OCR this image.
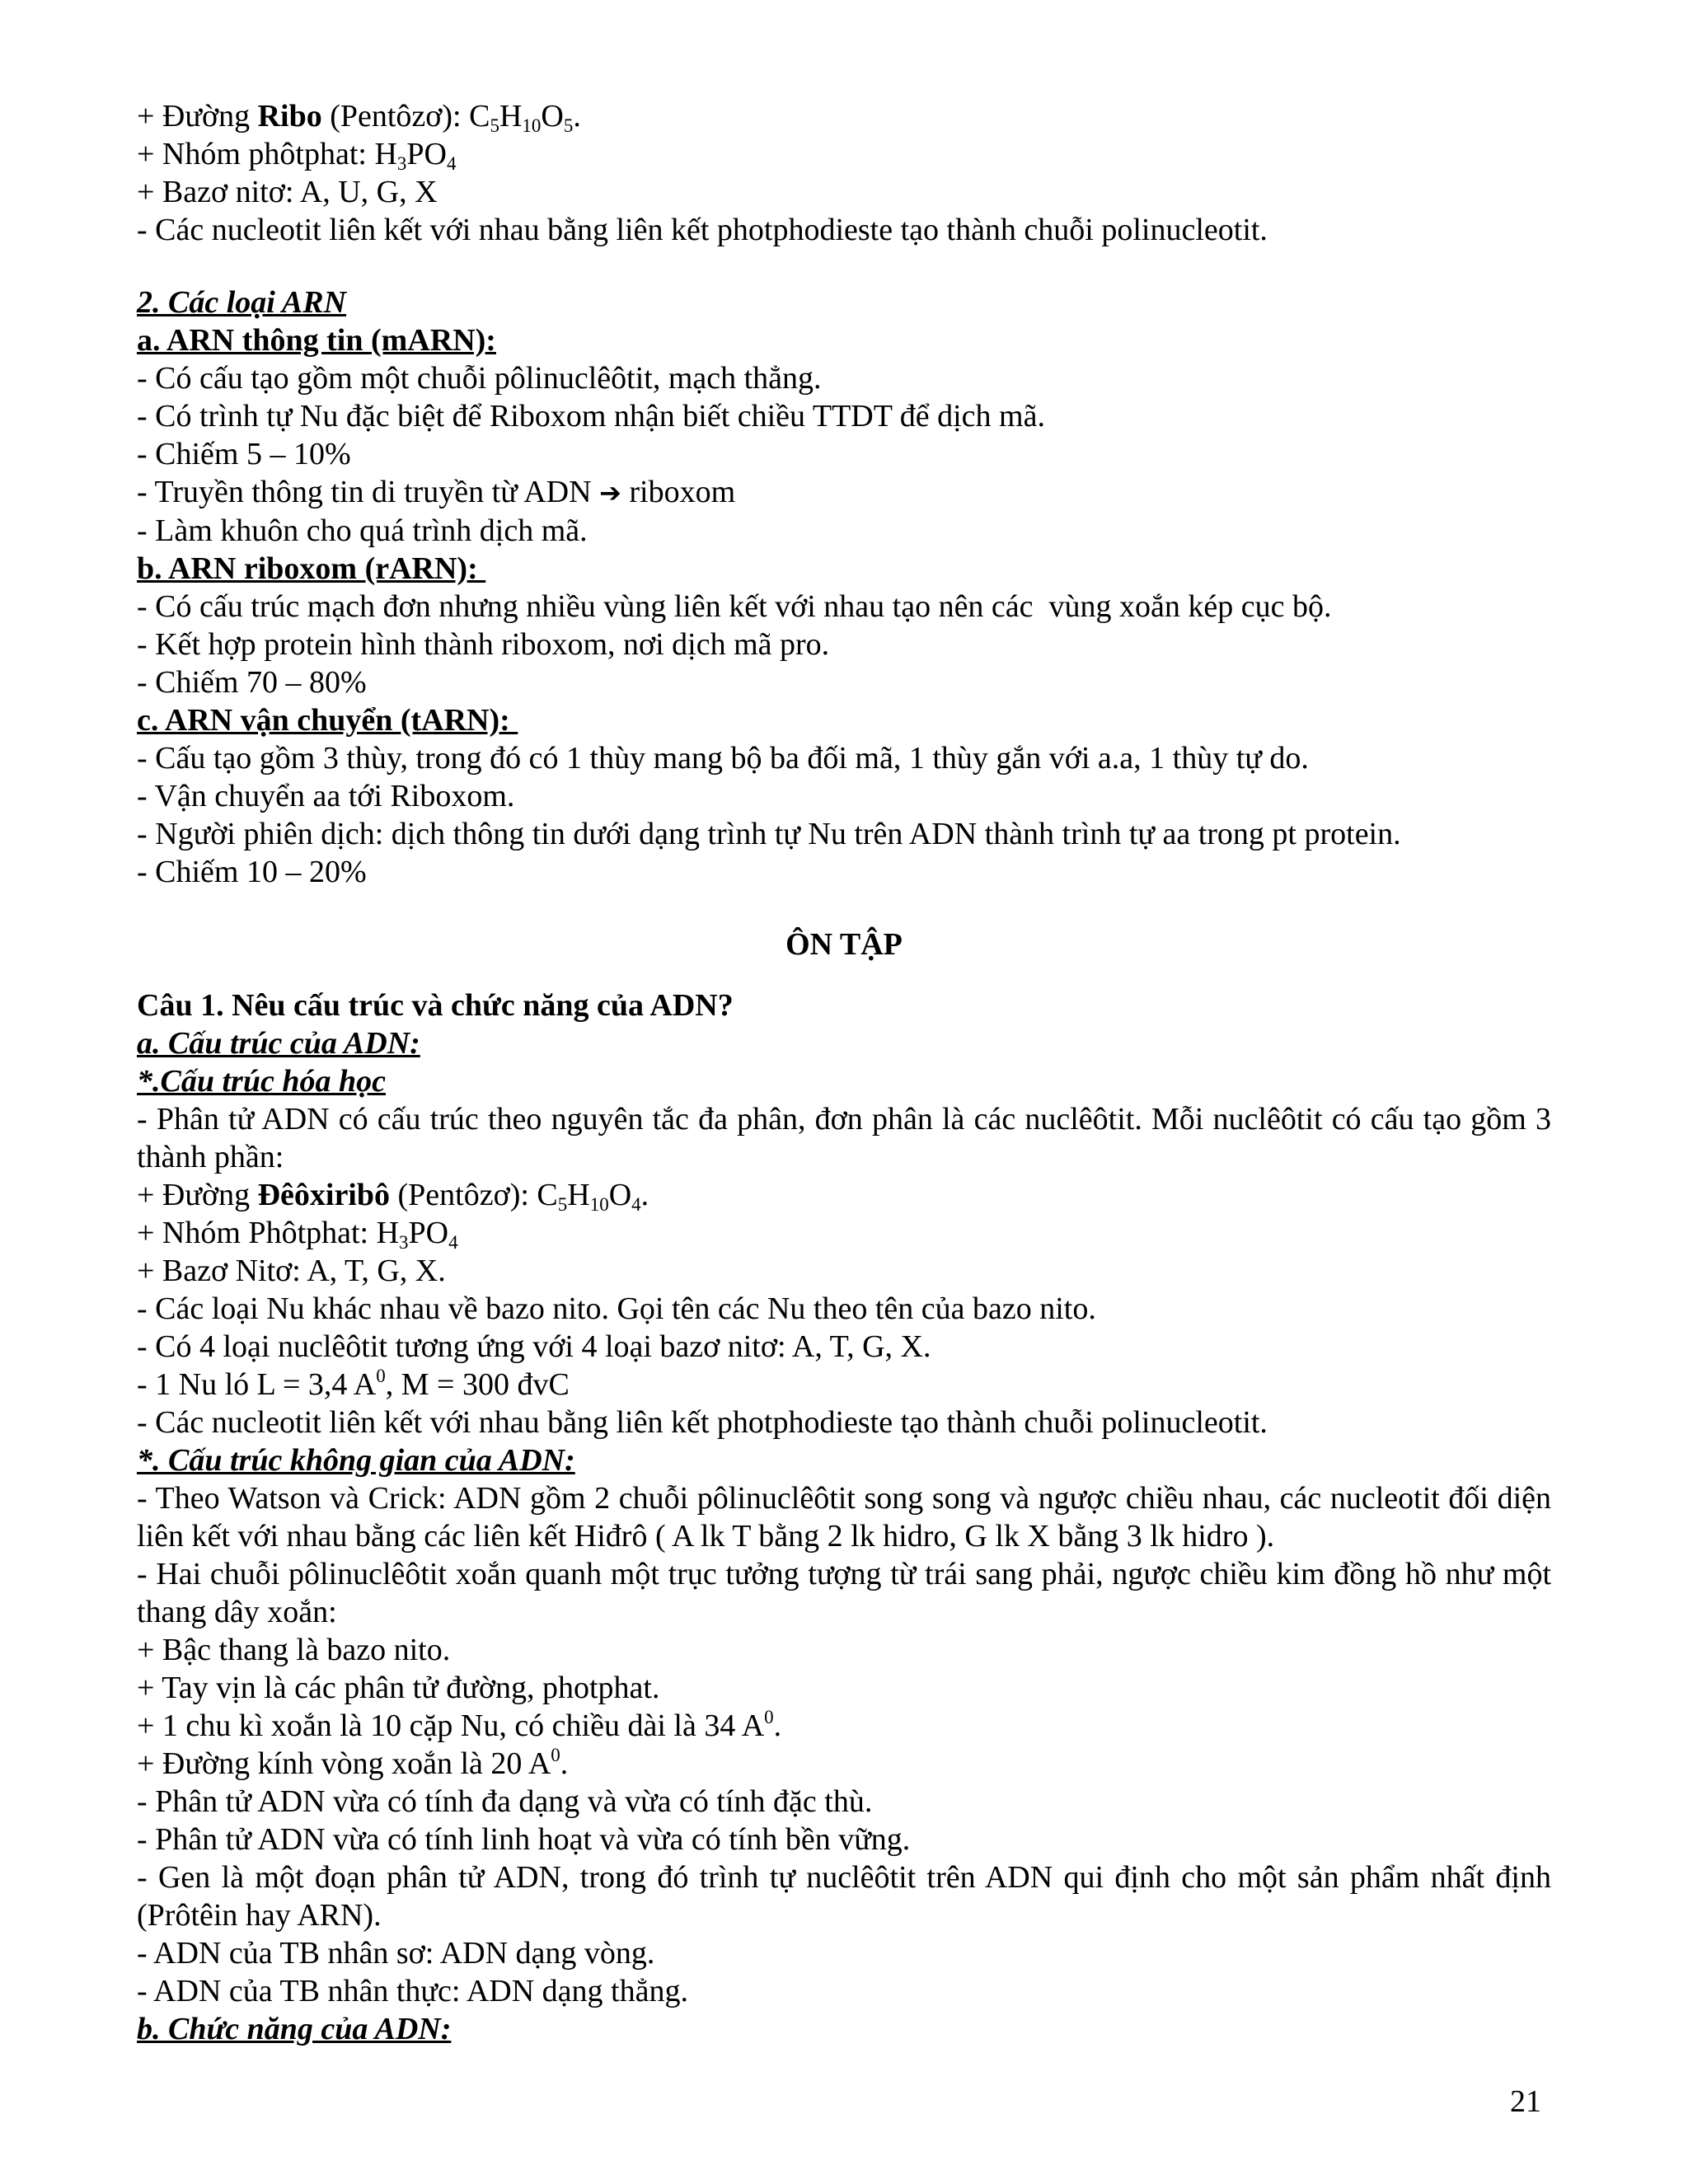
+ Đường Ribo (Pentôzơ): $C_5H_{10}O_5$.
+ Nhóm phôtphat: $H_3PO_4$
+ Bazơ nitơ: A, U, G, X
- Các nucleotit liên kết với nhau bằng liên kết photphodieste tạo thành chuỗi polinucleotit.
2. Các loại ARN
a. ARN thông tin (mARN):
- Có cấu tạo gồm một chuỗi pôlinuclêôtit, mạch thẳng.
- Có trình tự Nu đặc biệt để Riboxom nhận biết chiều TTDT để dịch mã.
- Chiếm 5 – 10%
- Truyền thông tin di truyền từ ADN ➔ riboxom
- Làm khuôn cho quá trình dịch mã.
b. ARN riboxom (rARN):
- Có cấu trúc mạch đơn nhưng nhiều vùng liên kết với nhau tạo nên các  vùng xoắn kép cục bộ.
- Kết hợp protein hình thành riboxom, nơi dịch mã pro.
- Chiếm 70 – 80%
c. ARN vận chuyển (tARN):
- Cấu tạo gồm 3 thùy, trong đó có 1 thùy mang bộ ba đối mã, 1 thùy gắn với a.a, 1 thùy tự do.
- Vận chuyển aa tới Riboxom.
- Người phiên dịch: dịch thông tin dưới dạng trình tự Nu trên ADN thành trình tự aa trong pt protein.
- Chiếm 10 – 20%
ÔN TẬP
Câu 1. Nêu cấu trúc và chức năng của ADN?
a. Cấu trúc của ADN:
*.Cấu trúc hóa học
- Phân tử ADN có cấu trúc theo nguyên tắc đa phân, đơn phân là các nuclêôtit. Mỗi nuclêôtit có cấu tạo gồm 3 thành phần:
+ Đường Đêôxiribô (Pentôzơ): $C_5H_{10}O_4$.
+ Nhóm Phôtphat: $H_3PO_4$
+ Bazơ Nitơ: A, T, G, X.
- Các loại Nu khác nhau về bazo nito. Gọi tên các Nu theo tên của bazo nito.
- Có 4 loại nuclêôtit tương ứng với 4 loại bazơ nitơ: A, T, G, X.
- 1 Nu ló L = 3,4 $A^0$, M = 300 đvC
- Các nucleotit liên kết với nhau bằng liên kết photphodieste tạo thành chuỗi polinucleotit.
*. Cấu trúc không gian của ADN:
- Theo Watson và Crick: ADN gồm 2 chuỗi pôlinuclêôtit song song và ngược chiều nhau, các nucleotit đối diện liên kết với nhau bằng các liên kết Hiđrô ( A lk T bằng 2 lk hidro, G lk X bằng 3 lk hidro ).
- Hai chuỗi pôlinuclêôtit xoắn quanh một trục tưởng tượng từ trái sang phải, ngược chiều kim đồng hồ như một thang dây xoắn:
+ Bậc thang là bazo nito.
+ Tay vịn là các phân tử đường, photphat.
+ 1 chu kì xoắn là 10 cặp Nu, có chiều dài là 34 $A^0$.
+ Đường kính vòng xoắn là 20 $A^0$.
- Phân tử ADN vừa có tính đa dạng và vừa có tính đặc thù.
- Phân tử ADN vừa có tính linh hoạt và vừa có tính bền vững.
- Gen là một đoạn phân tử ADN, trong đó trình tự nuclêôtit trên ADN qui định cho một sản phẩm nhất định (Prôtêin hay ARN).
- ADN của TB nhân sơ: ADN dạng vòng.
- ADN của TB nhân thực: ADN dạng thẳng.
b. Chức năng của ADN:
21
